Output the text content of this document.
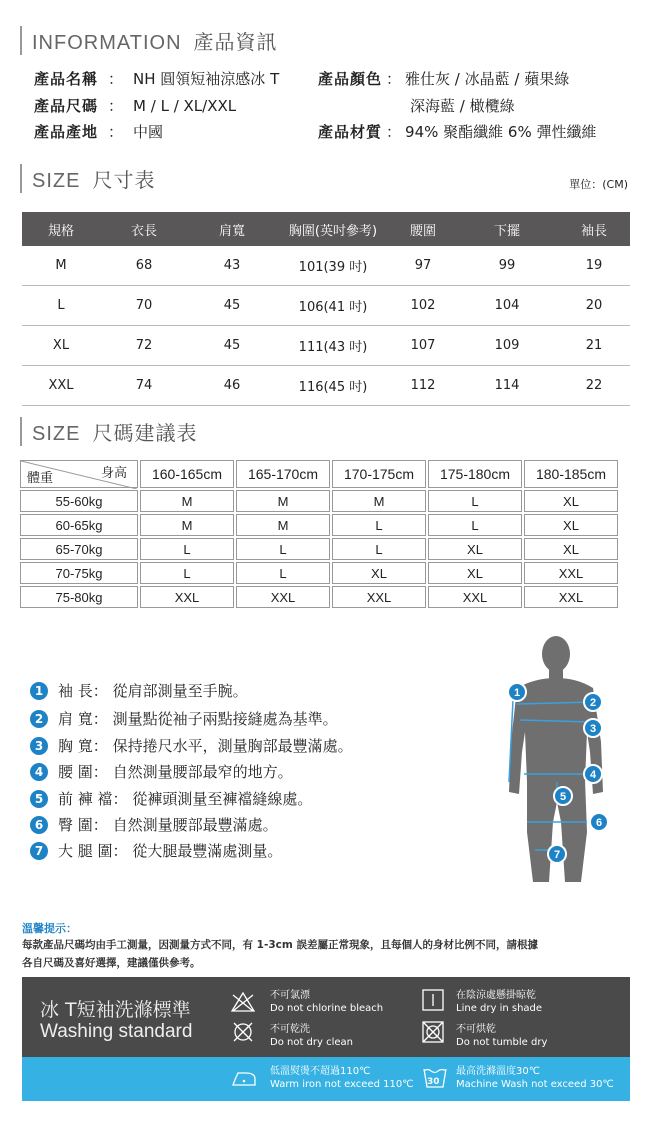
INFORMATION 產品資訊
產品名稱 ： NH 圓領短袖涼感冰 T
產品尺碼 ： M / L / XL/XXL
產品產地 ： 中國
產品顏色 ： 雅仕灰 / 冰晶藍 / 蘋果綠
深海藍 / 橄欖綠
產品材質 ： 94% 聚酯纖維 6% 彈性纖維
SIZE 尺寸表	單位：(CM)
規格	衣長	肩寬	胸圍(英吋參考)	腰圍	下擺	袖長
M	68	43	101(39 吋)	97	99	19
L	70	45	106(41 吋)	102	104	20
XL	72	45	111(43 吋)	107	109	21
XXL	74	46	116(45 吋)	112	114	22
SIZE 尺碼建議表
身高
體重	160-165cm	165-170cm	170-175cm	175-180cm	180-185cm
55-60kg	M	M	M	L	XL
60-65kg	M	M	L	L	XL
65-70kg	L	L	L	XL	XL
70-75kg	L	L	XL	XL	XXL
75-80kg	XXL	XXL	XXL	XXL	XXL
1 袖 長：
從肩部測量至手腕。
2 肩 寬：
測量點從袖子兩點接縫處為基準。
3 胸 寬：
保持捲尺水平，測量胸部最豐滿處。
4 腰 圍：
自然測量腰部最窄的地方。
5 前 褲 襠：
從褲頭測量至褲襠縫線處。
6 臀 圍：
自然測量腰部最豐滿處。
7 大 腿 圍：
從大腿最豐滿處測量。
1
2
3
4
5
6
7
溫馨提示：
每款產品尺碼均由手工測量，因測量方式不同，有 1-3cm 誤差屬正常現象，且每個人的身材比例不同，請根據
各自尺碼及喜好選擇，建議僅供參考。
冰 T短袖洗滌標準
Washing standard
不可氯漂
Do not chlorine bleach
在陰涼處懸掛晾乾
Line dry in shade
不可乾洗
Do not dry clean
不可烘乾
Do not tumble dry
低溫熨燙不超過110℃
Warm iron not exceed 110℃ 30
最高洗滌溫度30℃
Machine Wash not exceed 30℃
